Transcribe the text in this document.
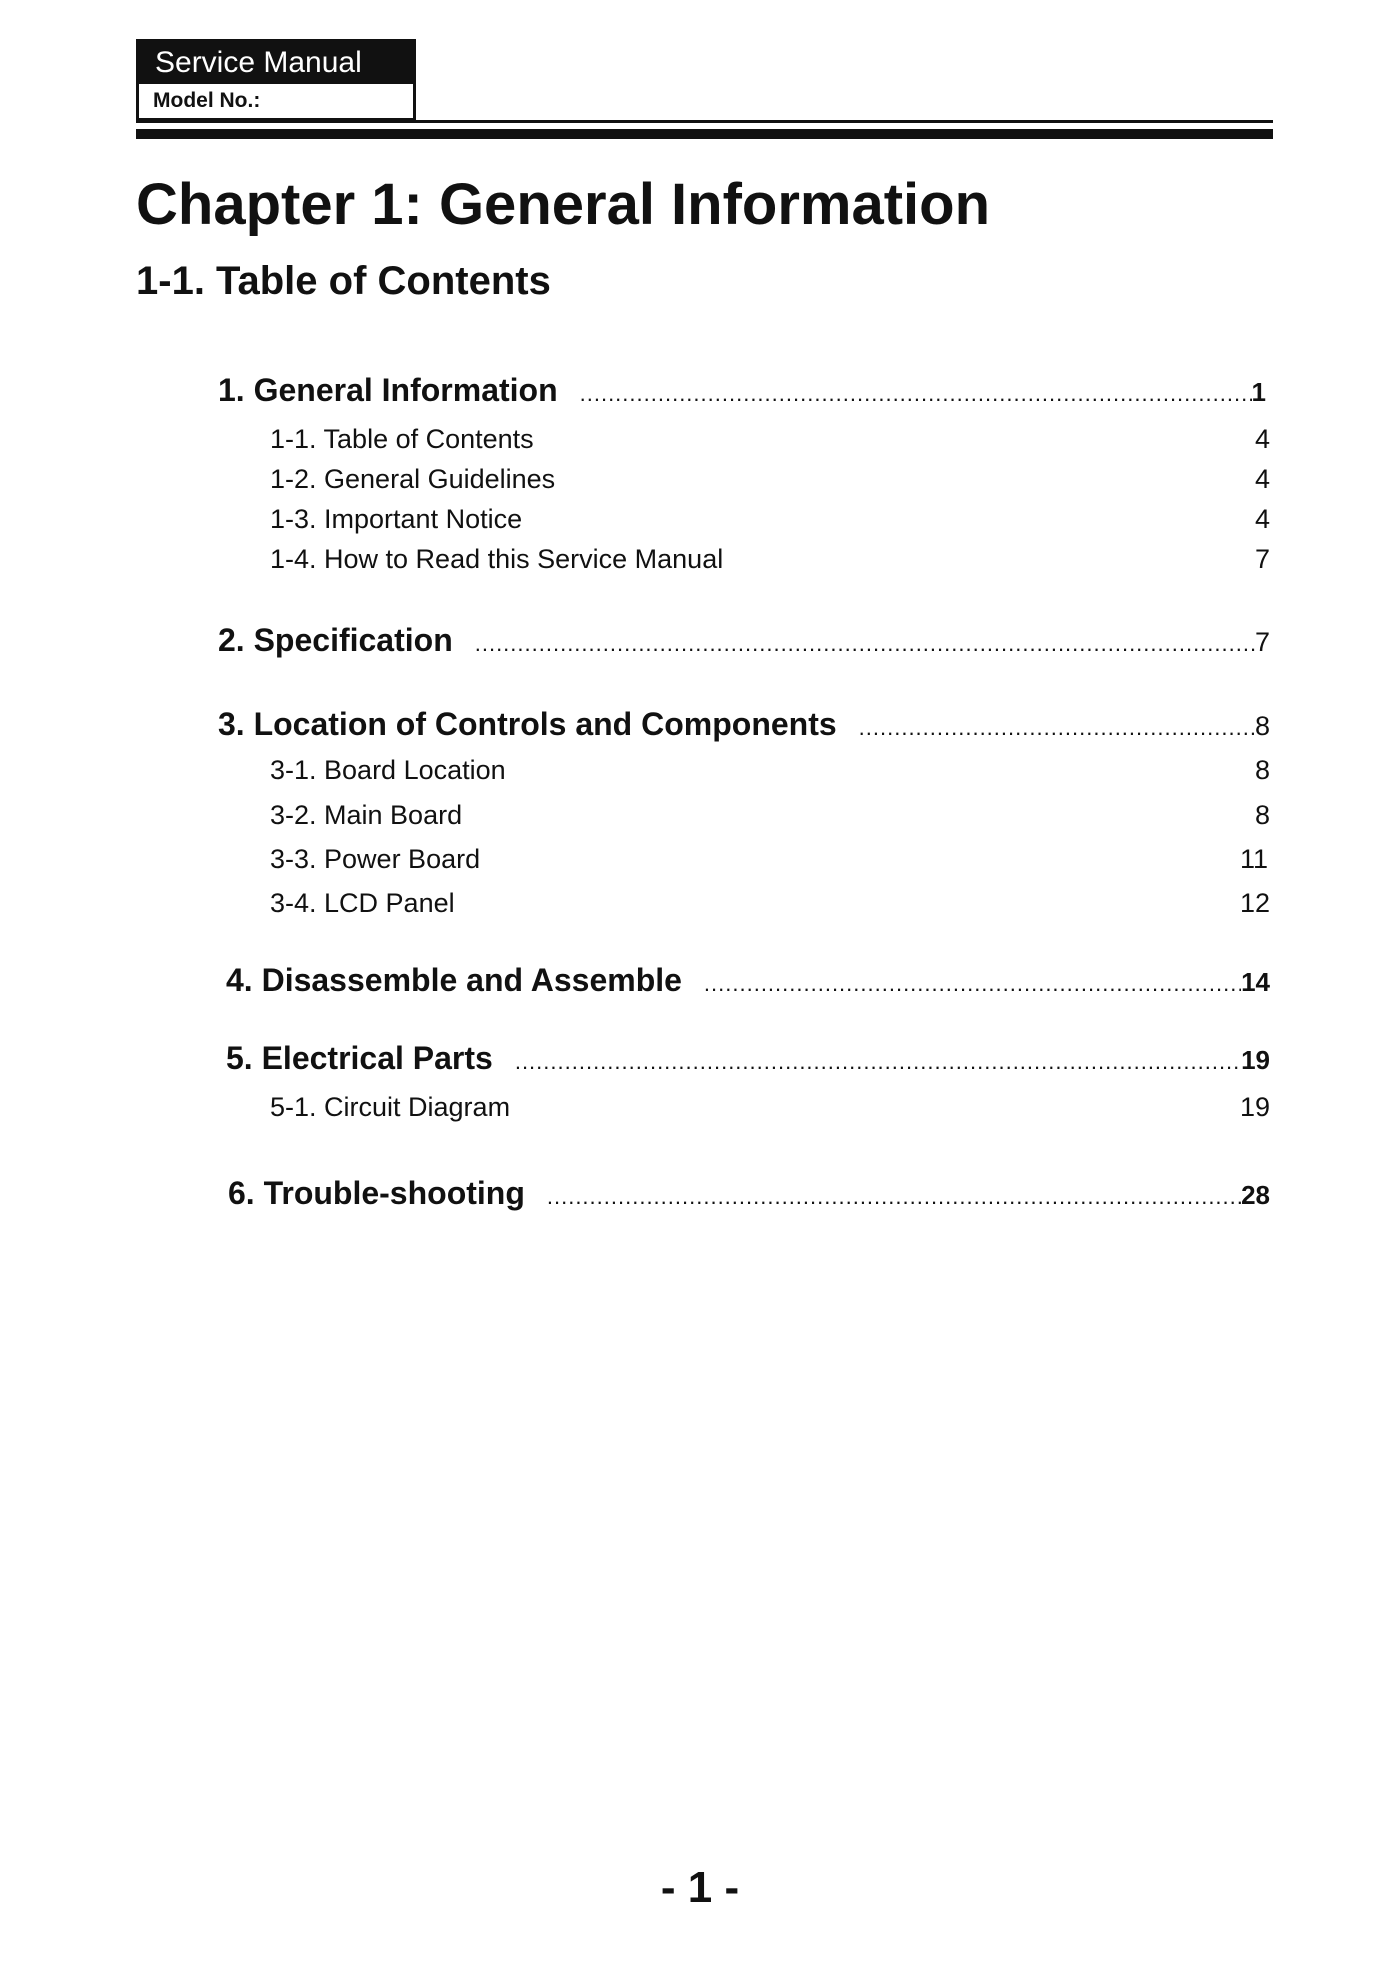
Service Manual
Model No.:
Chapter 1: General Information
1-1. Table of Contents
1. General Information .....	1
1-1. Table of Contents	4
1-2. General Guidelines	4
1-3. Important Notice	4
1-4. How to Read this Service Manual	7
2. Specification .....	7
3. Location of Controls and Components .....	8
3-1. Board Location	8
3-2. Main Board	8
3-3. Power Board	11
3-4. LCD Panel	12
4. Disassemble and Assemble .....	14
5. Electrical Parts .....	19
5-1. Circuit Diagram	19
6. Trouble-shooting .....	28
- 1 -
